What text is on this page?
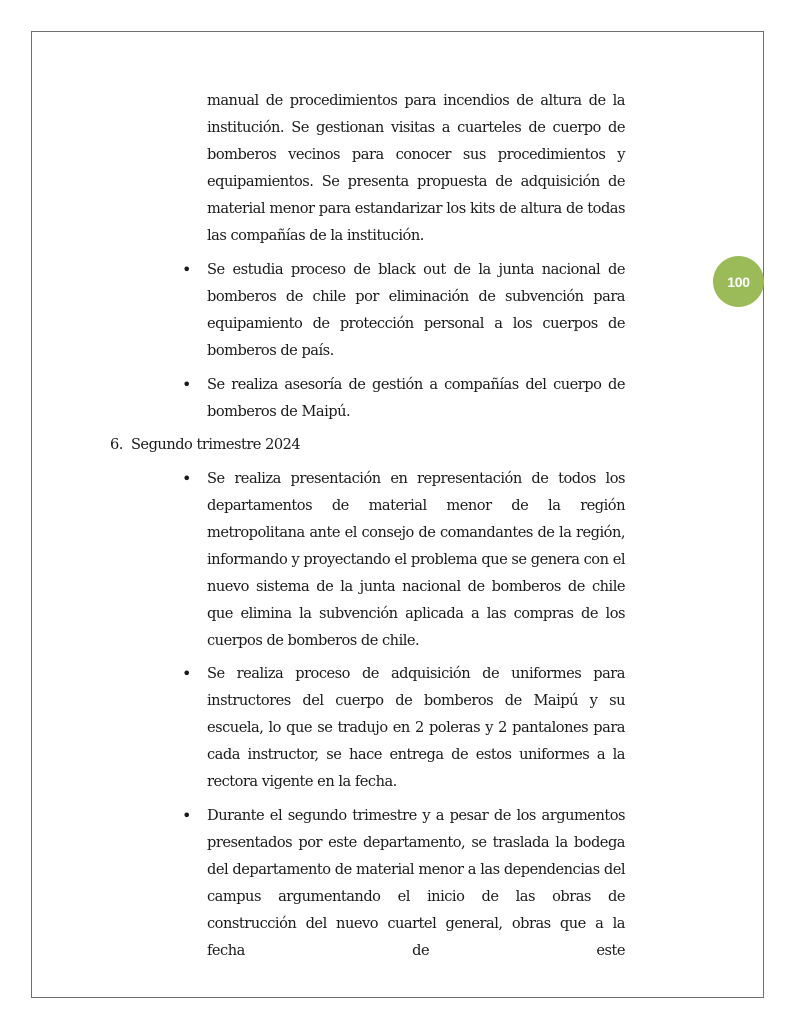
100
manual de procedimientos para incendios de altura de la institución. Se gestionan visitas a cuarteles de cuerpo de bomberos vecinos para conocer sus procedimientos y equipamientos. Se presenta propuesta de adquisición de material menor para estandarizar los kits de altura de todas las compañías de la institución.
• Se estudia proceso de black out de la junta nacional de bomberos de chile por eliminación de subvención para equipamiento de protección personal a los cuerpos de bomberos de país.
• Se realiza asesoría de gestión a compañías del cuerpo de bomberos de Maipú.
6. Segundo trimestre 2024
• Se realiza presentación en representación de todos los departamentos de material menor de la región metropolitana ante el consejo de comandantes de la región, informando y proyectando el problema que se genera con el nuevo sistema de la junta nacional de bomberos de chile que elimina la subvención aplicada a las compras de los cuerpos de bomberos de chile.
• Se realiza proceso de adquisición de uniformes para instructores del cuerpo de bomberos de Maipú y su escuela, lo que se tradujo en 2 poleras y 2 pantalones para cada instructor, se hace entrega de estos uniformes a la rectora vigente en la fecha.
• Durante el segundo trimestre y a pesar de los argumentos presentados por este departamento, se traslada la bodega del departamento de material menor a las dependencias del campus argumentando el inicio de las obras de construcción del nuevo cuartel general, obras que a la fecha de este
